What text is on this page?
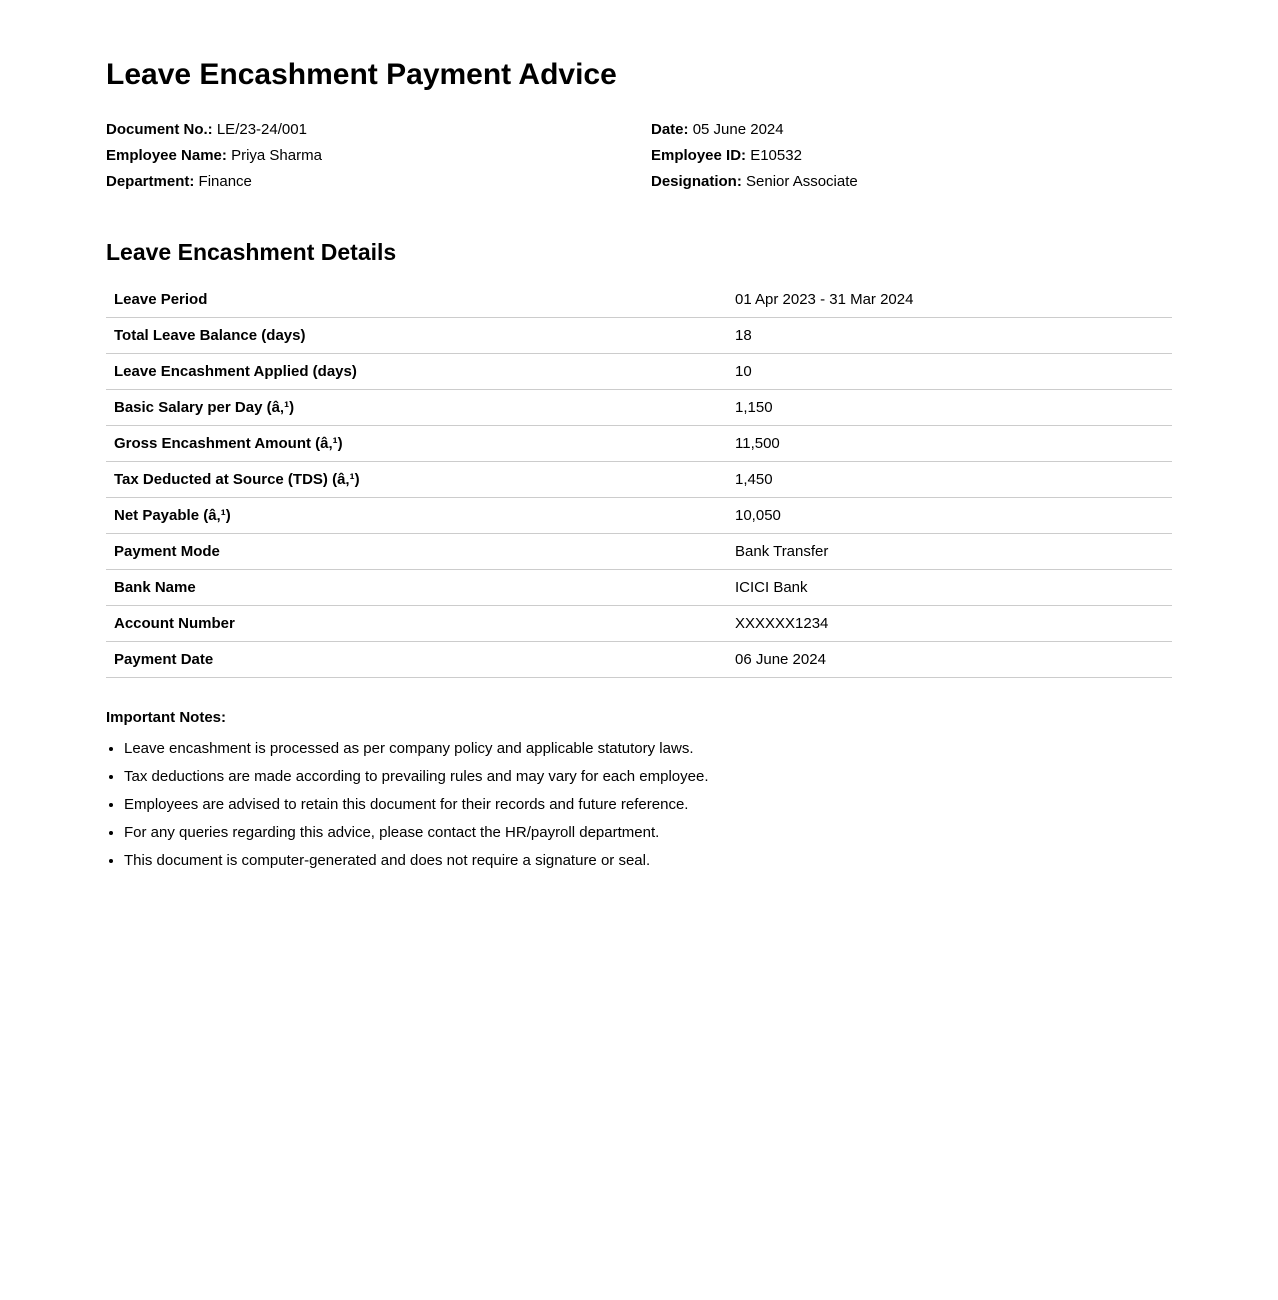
Leave Encashment Payment Advice
Document No.: LE/23-24/001
Employee Name: Priya Sharma
Department: Finance
Date: 05 June 2024
Employee ID: E10532
Designation: Senior Associate
Leave Encashment Details
Leave Period	01 Apr 2023 - 31 Mar 2024
Total Leave Balance (days)	18
Leave Encashment Applied (days)	10
Basic Salary per Day (â‚¹)	1,150
Gross Encashment Amount (â‚¹)	11,500
Tax Deducted at Source (TDS) (â‚¹)	1,450
Net Payable (â‚¹)	10,050
Payment Mode	Bank Transfer
Bank Name	ICICI Bank
Account Number	XXXXXX1234
Payment Date	06 June 2024
Important Notes:
• Leave encashment is processed as per company policy and applicable statutory laws.
• Tax deductions are made according to prevailing rules and may vary for each employee.
• Employees are advised to retain this document for their records and future reference.
• For any queries regarding this advice, please contact the HR/payroll department.
• This document is computer-generated and does not require a signature or seal.
